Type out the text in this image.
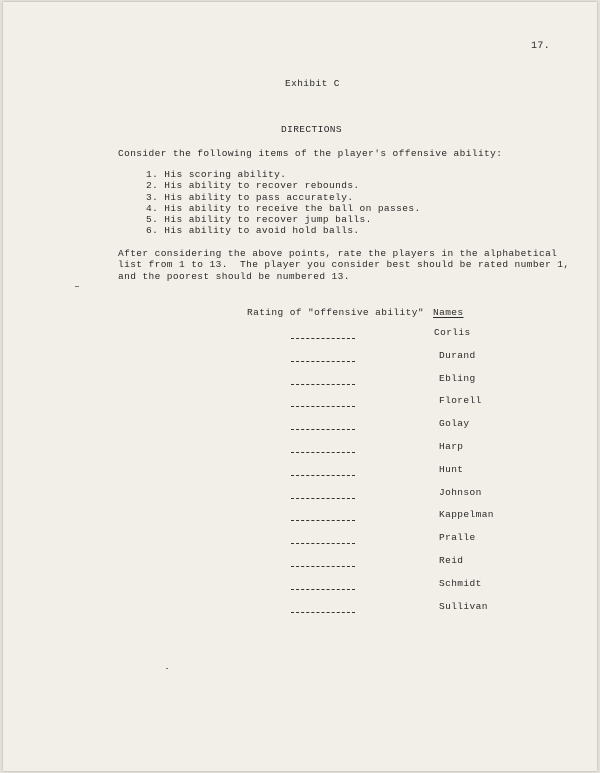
17.
Exhibit C
DIRECTIONS
Consider the following items of the player's offensive ability:
1. His scoring ability.
2. His ability to recover rebounds.
3. His ability to pass accurately.
4. His ability to receive the ball on passes.
5. His ability to recover jump balls.
6. His ability to avoid hold balls.
After considering the above points, rate the players in the alphabetical
list from 1 to 13.  The player you consider best should be rated number 1,
and the poorest should be numbered 13.
Rating of "offensive ability" Names
Corlis
Durand
Ebling
Florell
Golay
Harp
Hunt
Johnson
Kappelman
Pralle
Reid
Schmidt
Sullivan
